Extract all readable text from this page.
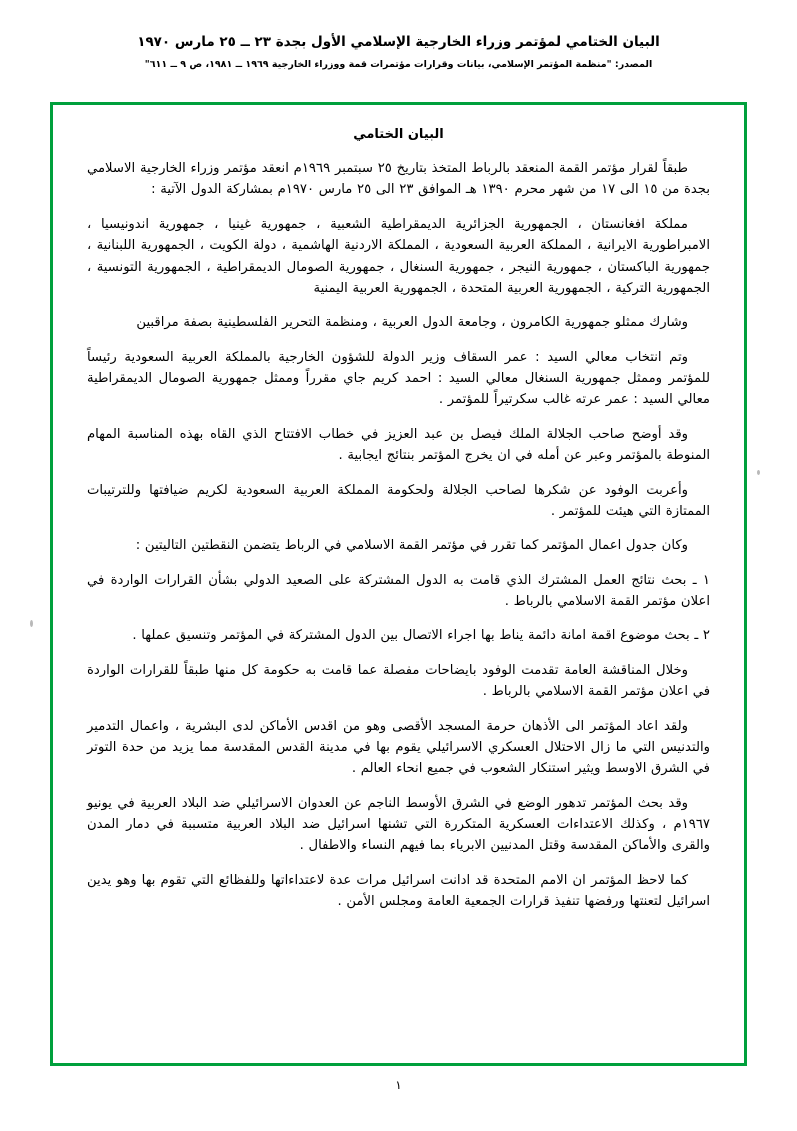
البيان الختامي لمؤتمر وزراء الخارجية الإسلامي الأول بجدة ٢٣ ــ ٢٥ مارس ١٩٧٠
المصدر: "منظمة المؤتمر الإسلامي، بيانات وقرارات مؤتمرات قمة ووزراء الخارجية ١٩٦٩ ــ ١٩٨١، ص ٩ ــ ٦١١"
البيان الختامي

طبقاً لقرار مؤتمر القمة المنعقد بالرباط المتخذ بتاريخ ٢٥ سبتمبر ١٩٦٩م انعقد مؤتمر وزراء الخارجية الاسلامي بجدة من ١٥ الى ١٧ من شهر محرم ١٣٩٠ هـ الموافق ٢٣ الى ٢٥ مارس ١٩٧٠م بمشاركة الدول الآتية :

مملكة افغانستان ، الجمهورية الجزائرية الديمقراطية الشعبية ، جمهورية غينيا ، جمهورية اندونيسيا ، الامبراطورية الايرانية ، المملكة العربية السعودية ، المملكة الاردنية الهاشمية ، دولة الكويت ، الجمهورية اللبنانية ، جمهورية الباكستان ، جمهورية النيجر ، جمهورية السنغال ، جمهورية الصومال الديمقراطية ، الجمهورية التونسية ، الجمهورية التركية ، الجمهورية العربية المتحدة ، الجمهورية العربية اليمنية

وشارك ممثلو جمهورية الكامرون ، وجامعة الدول العربية ، ومنظمة التحرير الفلسطينية بصفة مراقبين

وتم انتخاب معالي السيد : عمر السقاف وزير الدولة للشؤون الخارجية بالمملكة العربية السعودية رئيساً للمؤتمر وممثل جمهورية السنغال معالي السيد : احمد كريم جاي مقرراً وممثل جمهورية الصومال الديمقراطية معالي السيد : عمر عرته غالب سكرتيراً للمؤتمر .

وقد أوضح صاحب الجلالة الملك فيصل بن عبد العزيز في خطاب الافتتاح الذي القاه بهذه المناسبة المهام المنوطة بالمؤتمر وعبر عن أمله في ان يخرج المؤتمر بنتائج ايجابية .

وأعربت الوفود عن شكرها لصاحب الجلالة ولحكومة المملكة العربية السعودية لكريم ضيافتها وللترتيبات الممتازة التي هيئت للمؤتمر .

وكان جدول اعمال المؤتمر كما تقرر في مؤتمر القمة الاسلامي في الرباط يتضمن النقطتين التاليتين :

١ ـ بحث نتائج العمل المشترك الذي قامت به الدول المشتركة على الصعيد الدولي بشأن القرارات الواردة في اعلان مؤتمر القمة الاسلامي بالرباط .

٢ ـ بحث موضوع اقمة امانة دائمة يناط بها اجراء الاتصال بين الدول المشتركة في المؤتمر وتنسيق عملها .

وخلال المناقشة العامة تقدمت الوفود بايضاحات مفصلة عما قامت به حكومة كل منها طبقاً للقرارات الواردة في اعلان مؤتمر القمة الاسلامي بالرباط .

ولقد اعاد المؤتمر الى الأذهان حرمة المسجد الأقصى وهو من اقدس الأماكن لدى البشرية ، واعمال التدمير والتدنيس التي ما زال الاحتلال العسكري الاسرائيلي يقوم بها في مدينة القدس المقدسة مما يزيد من حدة التوتر في الشرق الاوسط ويثير استنكار الشعوب في جميع انحاء العالم .

وقد بحث المؤتمر تدهور الوضع في الشرق الأوسط الناجم عن العدوان الاسرائيلي ضد البلاد العربية في يونيو ١٩٦٧م ، وكذلك الاعتداءات العسكرية المتكررة التي تشنها اسرائيل ضد البلاد العربية متسببة في دمار المدن والقرى والأماكن المقدسة وقتل المدنيين الابرياء بما فيهم النساء والاطفال .

كما لاحظ المؤتمر ان الامم المتحدة قد ادانت اسرائيل مرات عدة لاعتداءاتها وللفظائع التي تقوم بها وهو يدين اسرائيل لتعنتها ورفضها تنفيذ قرارات الجمعية العامة ومجلس الأمن .

١
